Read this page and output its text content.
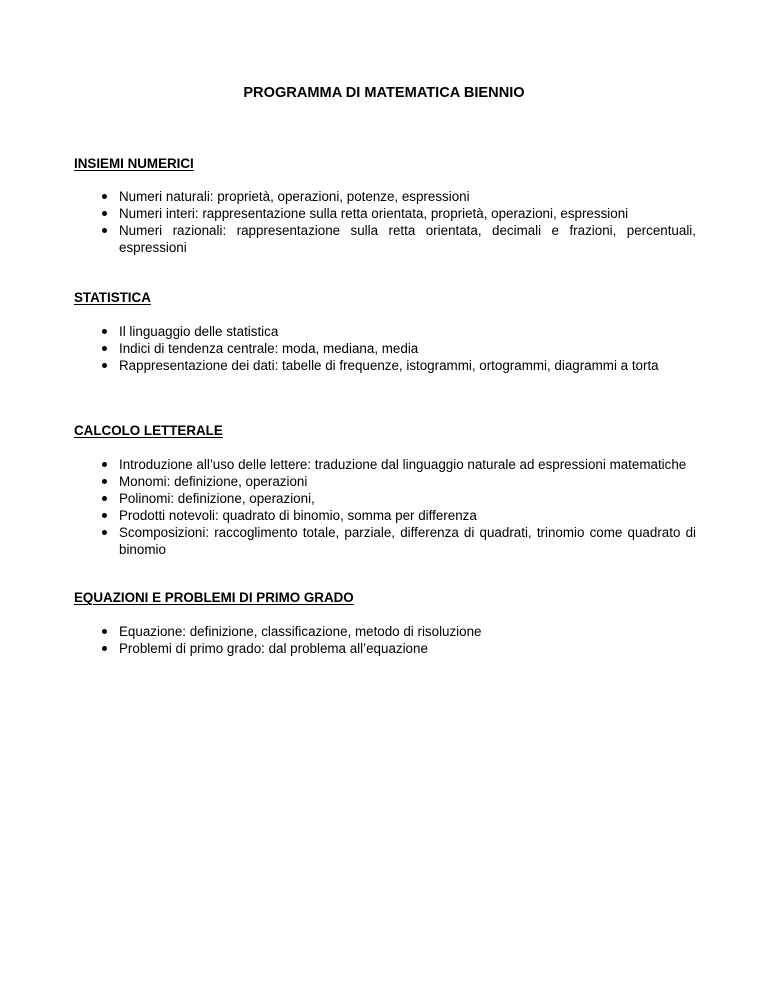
PROGRAMMA DI MATEMATICA BIENNIO

INSIEMI NUMERICI

Numeri naturali: proprietà, operazioni, potenze, espressioni
Numeri interi: rappresentazione sulla retta orientata, proprietà, operazioni, espressioni
Numeri razionali: rappresentazione sulla retta orientata, decimali e frazioni, percentuali, espressioni

STATISTICA

Il linguaggio delle statistica
Indici di tendenza centrale: moda, mediana, media
Rappresentazione dei dati: tabelle di frequenze, istogrammi, ortogrammi, diagrammi a torta

CALCOLO LETTERALE

Introduzione all’uso delle lettere: traduzione dal linguaggio naturale ad espressioni matematiche
Monomi: definizione, operazioni
Polinomi: definizione, operazioni,
Prodotti notevoli: quadrato di binomio, somma per differenza
Scomposizioni: raccoglimento totale, parziale, differenza di quadrati, trinomio come quadrato di binomio

EQUAZIONI E PROBLEMI DI PRIMO GRADO

Equazione: definizione, classificazione, metodo di risoluzione
Problemi di primo grado: dal problema all’equazione
